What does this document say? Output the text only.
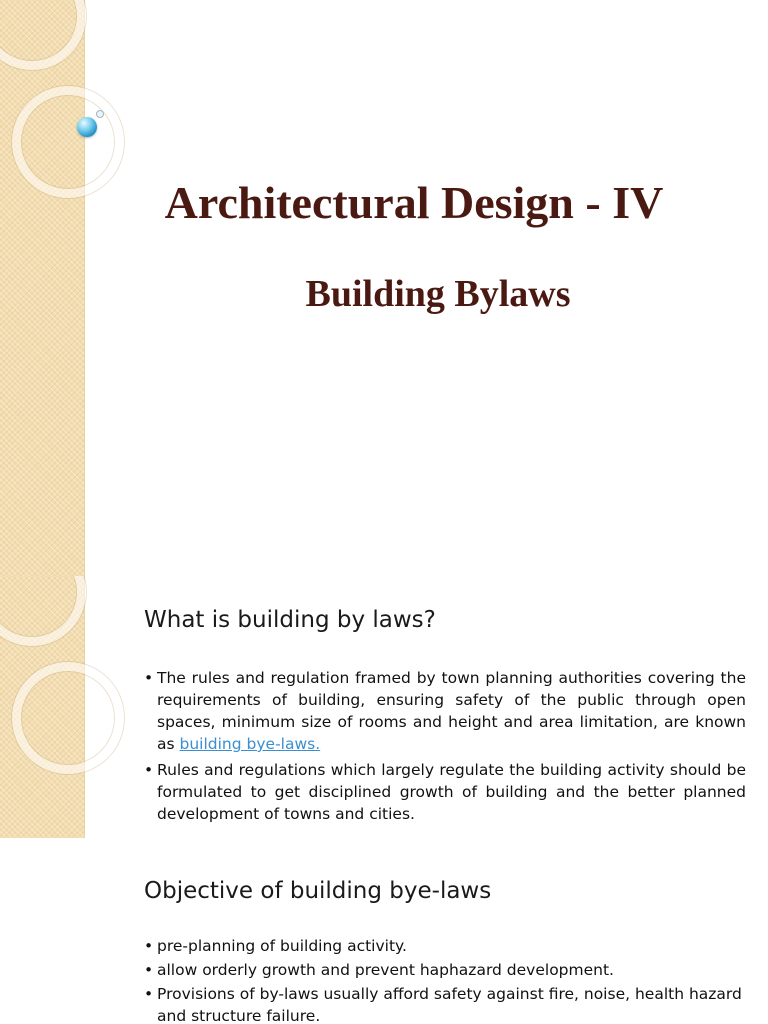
Architectural Design - IV
Building Bylaws
What is building by laws?
• The rules and regulation framed by town planning authorities covering the requirements of building, ensuring safety of the public through open spaces, minimum size of rooms and height and area limitation, are known as building bye-laws.
• Rules and regulations which largely regulate the building activity should be formulated to get disciplined growth of building and the better planned development of towns and cities.
Objective of building bye-laws
• pre-planning of building activity.
• allow orderly growth and prevent haphazard development.
• Provisions of by-laws usually afford safety against fire, noise, health hazard and structure failure.
